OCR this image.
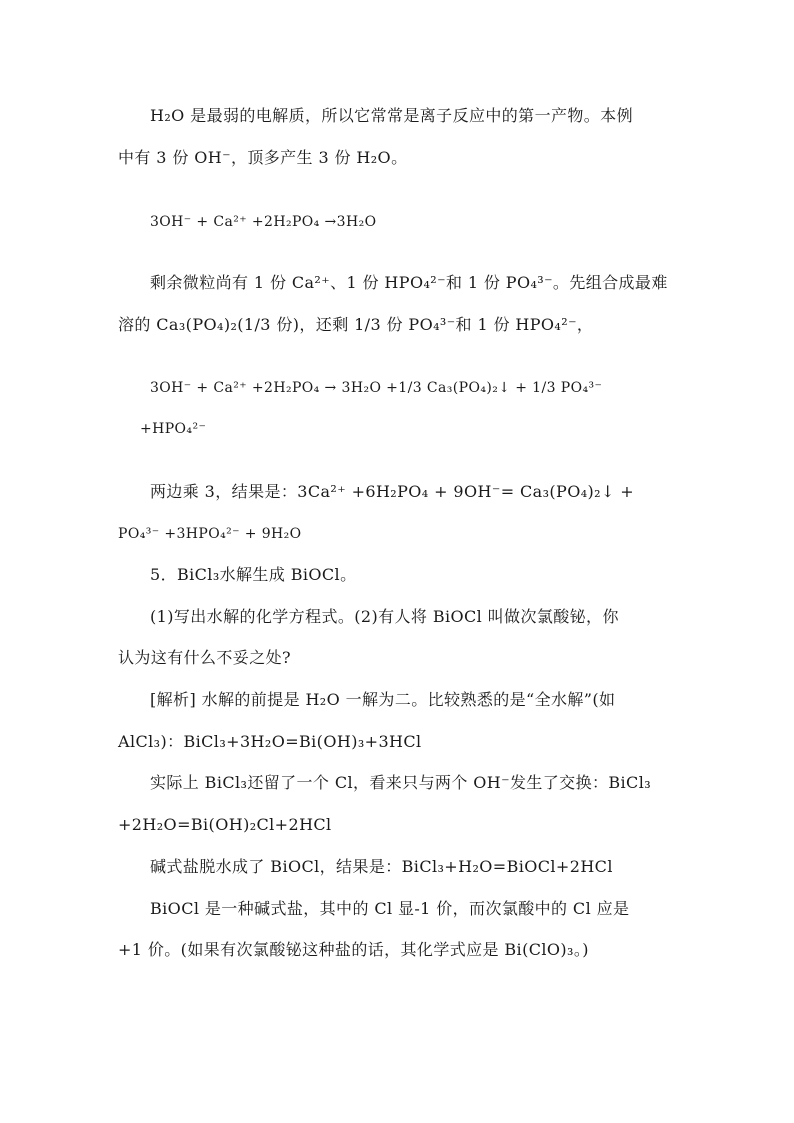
H₂O 是最弱的电解质，所以它常常是离子反应中的第一产物。本例
中有 3 份 OH⁻，顶多产生 3 份 H₂O。
3OH⁻ + Ca²⁺ +2H₂PO₄ →3H₂O
剩余微粒尚有 1 份 Ca²⁺、1 份 HPO₄²⁻和 1 份 PO₄³⁻。先组合成最难
溶的 Ca₃(PO₄)₂(1/3 份)，还剩 1/3 份 PO₄³⁻和 1 份 HPO₄²⁻，
3OH⁻ + Ca²⁺ +2H₂PO₄ → 3H₂O +1/3 Ca₃(PO₄)₂↓ + 1/3 PO₄³⁻
+HPO₄²⁻
两边乘 3，结果是：3Ca²⁺ +6H₂PO₄ + 9OH⁻= Ca₃(PO₄)₂↓ +
PO₄³⁻ +3HPO₄²⁻ + 9H₂O
5．BiCl₃水解生成 BiOCl。
(1)写出水解的化学方程式。(2)有人将 BiOCl 叫做次氯酸铋，你
认为这有什么不妥之处?
[解析] 水解的前提是 H₂O 一解为二。比较熟悉的是“全水解”(如
AlCl₃)：BiCl₃+3H₂O=Bi(OH)₃+3HCl
实际上 BiCl₃还留了一个 Cl，看来只与两个 OH⁻发生了交换：BiCl₃
+2H₂O=Bi(OH)₂Cl+2HCl
碱式盐脱水成了 BiOCl，结果是：BiCl₃+H₂O=BiOCl+2HCl
BiOCl 是一种碱式盐，其中的 Cl 显-1 价，而次氯酸中的 Cl 应是
+1 价。(如果有次氯酸铋这种盐的话，其化学式应是 Bi(ClO)₃。)
